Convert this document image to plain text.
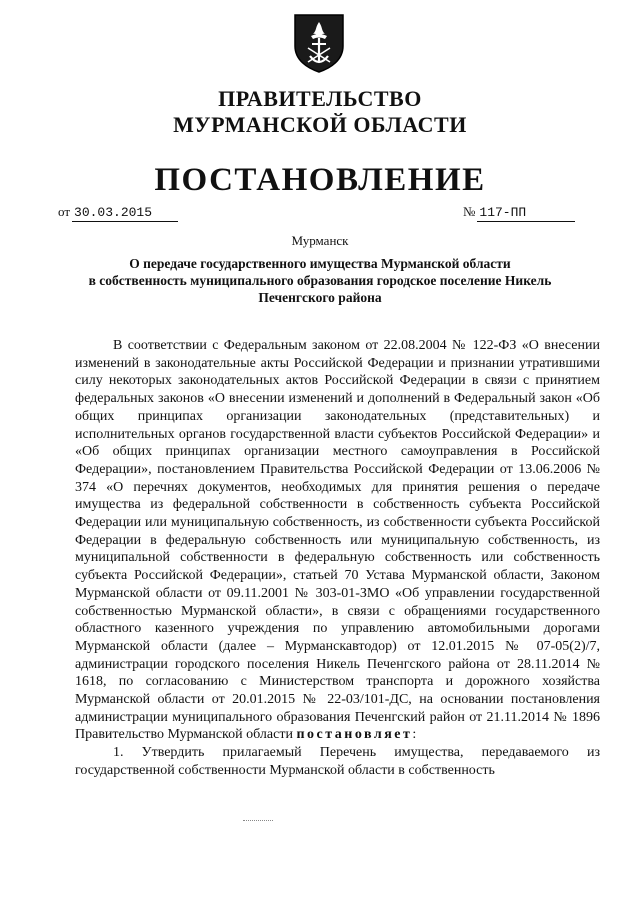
ПРАВИТЕЛЬСТВО
МУРМАНСКОЙ ОБЛАСТИ
ПОСТАНОВЛЕНИЕ
от 30.03.2015	№ 117-ПП
Мурманск
О передаче государственного имущества Мурманской области
в собственность муниципального образования городское поселение Никель
Печенгского района

В соответствии с Федеральным законом от 22.08.2004 № 122-ФЗ «О внесении изменений в законодательные акты Российской Федерации и признании утратившими силу некоторых законодательных актов Российской Федерации в связи с принятием федеральных законов «О внесении изменений и дополнений в Федеральный закон «Об общих принципах организации законодательных (представительных) и исполнительных органов государственной власти субъектов Российской Федерации» и «Об общих принципах организации местного самоуправления в Российской Федерации», постановлением Правительства Российской Федерации от 13.06.2006 № 374 «О перечнях документов, необходимых для принятия решения о передаче имущества из федеральной собственности в собственность субъекта Российской Федерации или муниципальную собственность, из собственности субъекта Российской Федерации в федеральную собственность или муниципальную собственность, из муниципальной собственности в федеральную собственность или собственность субъекта Российской Федерации», статьей 70 Устава Мурманской области, Законом Мурманской области от 09.11.2001 № 303-01-ЗМО «Об управлении государственной собственностью Мурманской области», в связи с обращениями государственного областного казенного учреждения по управлению автомобильными дорогами Мурманской области (далее – Мурманскавтодор) от 12.01.2015 № 07-05(2)/7, администрации городского поселения Никель Печенгского района от 28.11.2014 № 1618, по согласованию с Министерством транспорта и дорожного хозяйства Мурманской области от 20.01.2015 № 22-03/101-ДС, на основании постановления администрации муниципального образования Печенгский район от 21.11.2014 № 1896 Правительство Мурманской области постановляет:

1. Утвердить прилагаемый Перечень имущества, передаваемого из государственной собственности Мурманской области в собственность
